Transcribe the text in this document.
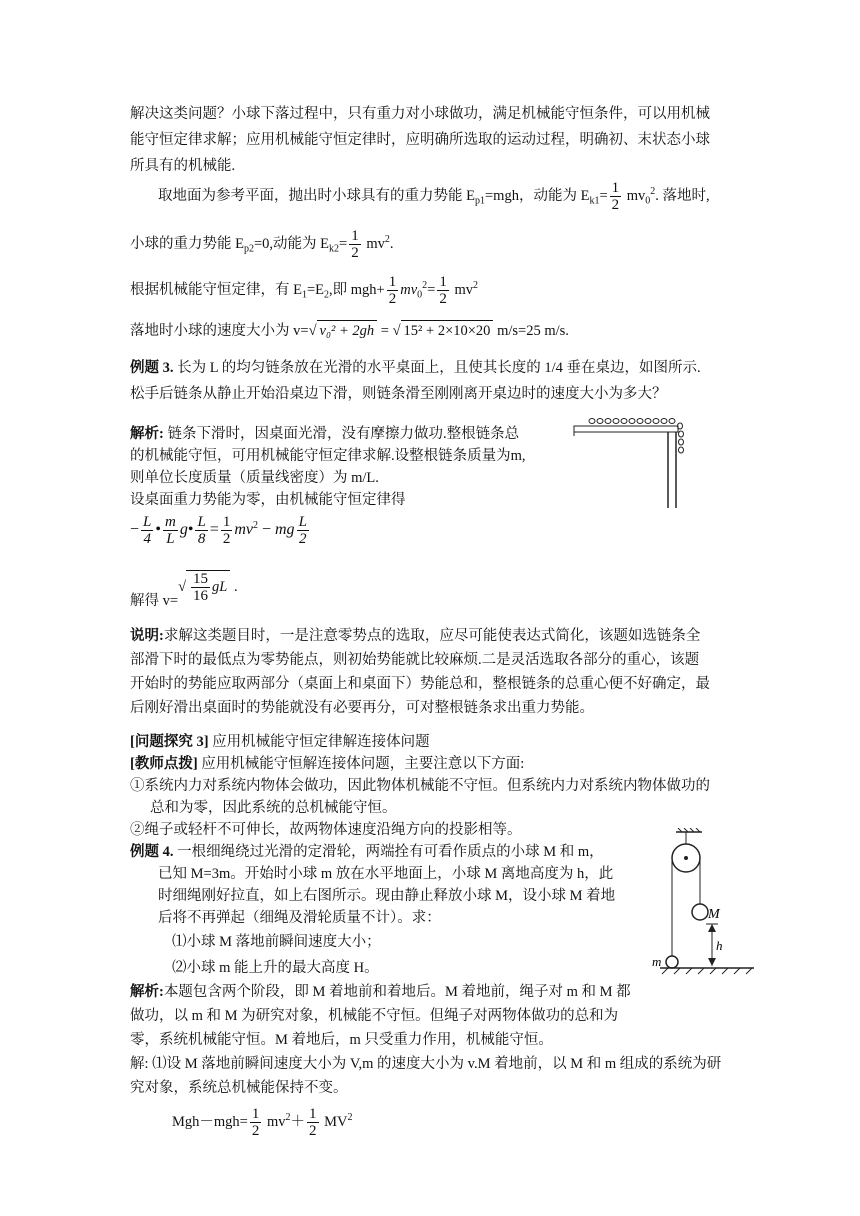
解决这类问题？小球下落过程中，只有重力对小球做功，满足机械能守恒条件，可以用机械
能守恒定律求解；应用机械能守恒定律时，应明确所选取的运动过程，明确初、末状态小球
所具有的机械能.
取地面为参考平面，抛出时小球具有的重力势能 $E_{p1}=mgh$，动能为 $E_{k1}= \frac{1}{2} mv_0^2$. 落地时,
小球的重力势能 $E_{p2}=0$,动能为 $E_{k2}= \frac{1}{2} mv^2$.
根据机械能守恒定律，有 $E_1=E_2$,即 $mgh+ \frac{1}{2} mv_0^2= \frac{1}{2} mv^2$
落地时小球的速度大小为 v=√ v₀² + 2gh = √ 15² + 2×10×20 m/s=25 m/s.
例题 3. 长为 L 的均匀链条放在光滑的水平桌面上，且使其长度的 1/4 垂在桌边，如图所示.
松手后链条从静止开始沿桌边下滑，则链条滑至刚刚离开桌边时的速度大小为多大？
解析: 链条下滑时，因桌面光滑，没有摩擦力做功.整根链条总
的机械能守恒，可用机械能守恒定律求解.设整根链条质量为m,
则单位长度质量（质量线密度）为 m/L.
设桌面重力势能为零，由机械能守恒定律得
− $\frac{L}{4}$ • $\frac{m}{L}$ g• $\frac{L}{8} = \frac{1}{2} mv^2$ − mg $\frac{L}{2}$
解得 $v=√ \frac{15}{16}$ gL .
说明:求解这类题目时，一是注意零势点的选取，应尽可能使表达式简化，该题如选链条全
部滑下时的最低点为零势能点，则初始势能就比较麻烦.二是灵活选取各部分的重心，该题
开始时的势能应取两部分（桌面上和桌面下）势能总和，整根链条的总重心便不好确定，最
后刚好滑出桌面时的势能就没有必要再分，可对整根链条求出重力势能。
[问题探究 3] 应用机械能守恒定律解连接体问题
[教师点拨] 应用机械能守恒解连接体问题，主要注意以下方面:
①系统内力对系统内物体会做功，因此物体机械能不守恒。但系统内力对系统内物体做功的
总和为零，因此系统的总机械能守恒。
②绳子或轻杆不可伸长，故两物体速度沿绳方向的投影相等。
例题 4. 一根细绳绕过光滑的定滑轮，两端拴有可看作质点的小球 M 和 m，
已知 M=3m。开始时小球 m 放在水平地面上，小球 M 离地高度为 h，此
时细绳刚好拉直，如上右图所示。现由静止释放小球 M，设小球 M 着地
后将不再弹起（细绳及滑轮质量不计）。求：
⑴小球 M 落地前瞬间速度大小；
⑵小球 m 能上升的最大高度 H。
M
m
h
解析:本题包含两个阶段，即 M 着地前和着地后。M 着地前，绳子对 m 和 M 都
做功，以 m 和 M 为研究对象，机械能不守恒。但绳子对两物体做功的总和为
零，系统机械能守恒。M 着地后，m 只受重力作用，机械能守恒。
解: ⑴设 M 落地前瞬间速度大小为 V,m 的速度大小为 v.M 着地前，以 M 和 m 组成的系统为研
究对象，系统总机械能保持不变。
$Mgh-mgh= \frac{1}{2} mv^2+ \frac{1}{2} MV^2$
